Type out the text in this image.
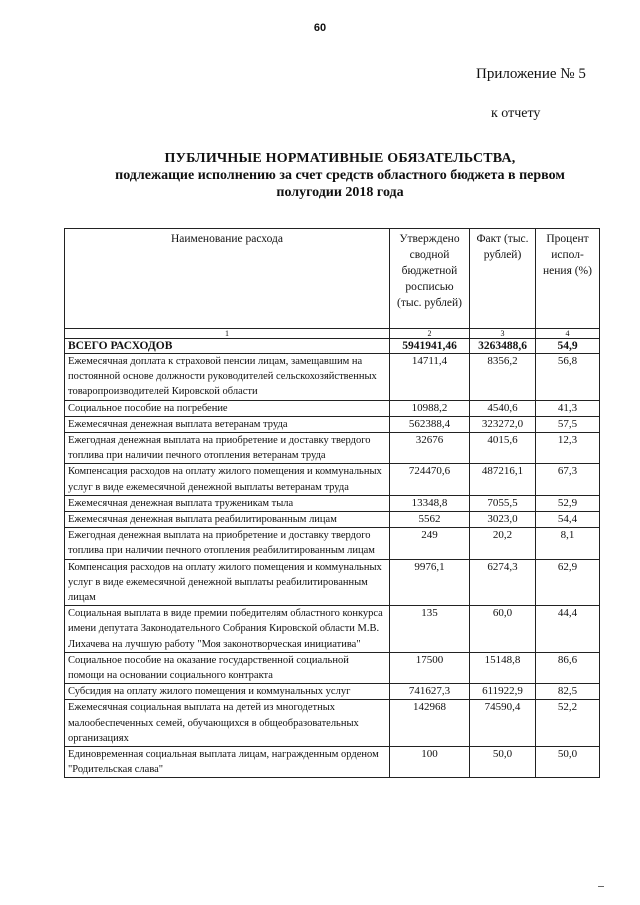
60
Приложение № 5
к отчету
ПУБЛИЧНЫЕ НОРМАТИВНЫЕ ОБЯЗАТЕЛЬСТВА,
подлежащие исполнению за счет средств областного бюджета в первом
полугодии 2018 года
Наименование расхода	Утверждено сводной бюджетной росписью (тыс. рублей)	Факт (тыс. рублей)	Процент испол-нения (%)
1	2	3	4
ВСЕГО РАСХОДОВ	5941941,46	3263488,6	54,9
Ежемесячная доплата к страховой пенсии лицам, замещавшим на постоянной основе должности руководителей сельскохозяйственных товаропроизводителей Кировской области	14711,4	8356,2	56,8
Социальное пособие на погребение	10988,2	4540,6	41,3
Ежемесячная денежная выплата ветеранам труда	562388,4	323272,0	57,5
Ежегодная денежная выплата на приобретение и доставку твердого топлива при наличии печного отопления ветеранам труда	32676	4015,6	12,3
Компенсация расходов на оплату жилого помещения и коммунальных услуг в виде ежемесячной денежной выплаты ветеранам труда	724470,6	487216,1	67,3
Ежемесячная денежная выплата труженикам тыла	13348,8	7055,5	52,9
Ежемесячная денежная выплата реабилитированным лицам	5562	3023,0	54,4
Ежегодная денежная выплата на приобретение и доставку твердого топлива при наличии печного отопления реабилитированным лицам	249	20,2	8,1
Компенсация расходов на оплату жилого помещения и коммунальных услуг в виде ежемесячной денежной выплаты реабилитированным лицам	9976,1	6274,3	62,9
Социальная выплата в виде премии победителям областного конкурса имени депутата Законодательного Собрания Кировской области М.В. Лихачева на лучшую работу "Моя законотворческая инициатива"	135	60,0	44,4
Социальное пособие на оказание государственной социальной помощи на основании социального контракта	17500	15148,8	86,6
Субсидия на оплату жилого помещения и коммунальных услуг	741627,3	611922,9	82,5
Ежемесячная социальная выплата на детей из многодетных малообеспеченных семей, обучающихся в общеобразовательных организациях	142968	74590,4	52,2
Единовременная социальная выплата лицам, награжденным орденом "Родительская слава"	100	50,0	50,0
